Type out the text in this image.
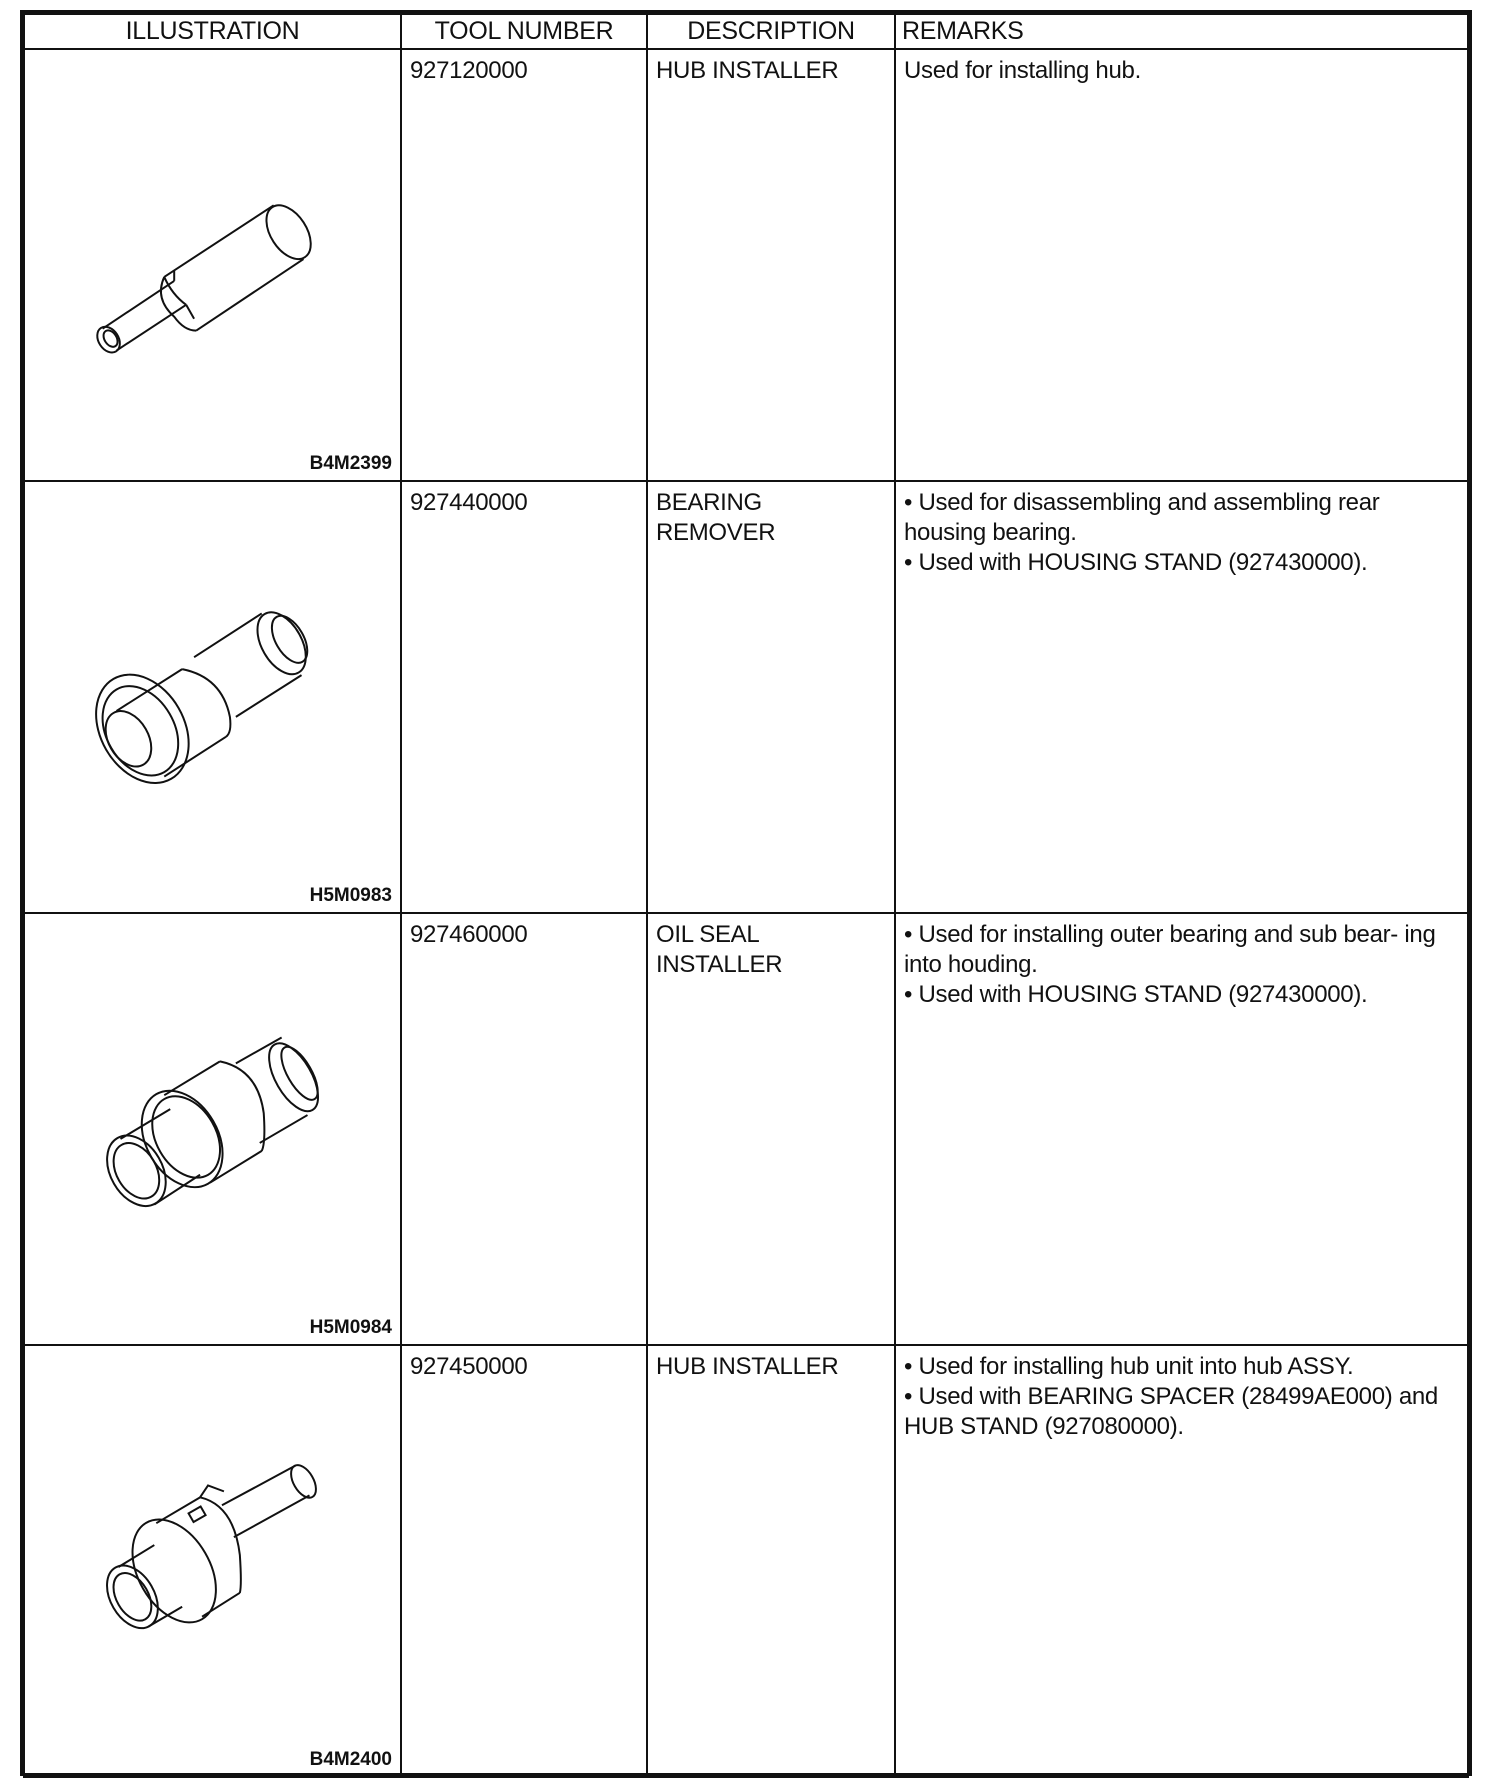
ILLUSTRATION	TOOL NUMBER	DESCRIPTION	REMARKS

B4M2399	927120000	HUB INSTALLER	Used for installing hub.

H5M0983	927440000	BEARING REMOVER	• Used for disassembling and assembling rear housing bearing.
• Used with HOUSING STAND (927430000).

H5M0984	927460000	OIL SEAL INSTALLER	• Used for installing outer bearing and sub bear- ing into houding.
• Used with HOUSING STAND (927430000).

B4M2400	927450000	HUB INSTALLER	• Used for installing hub unit into hub ASSY.
• Used with BEARING SPACER (28499AE000) and HUB STAND (927080000).
